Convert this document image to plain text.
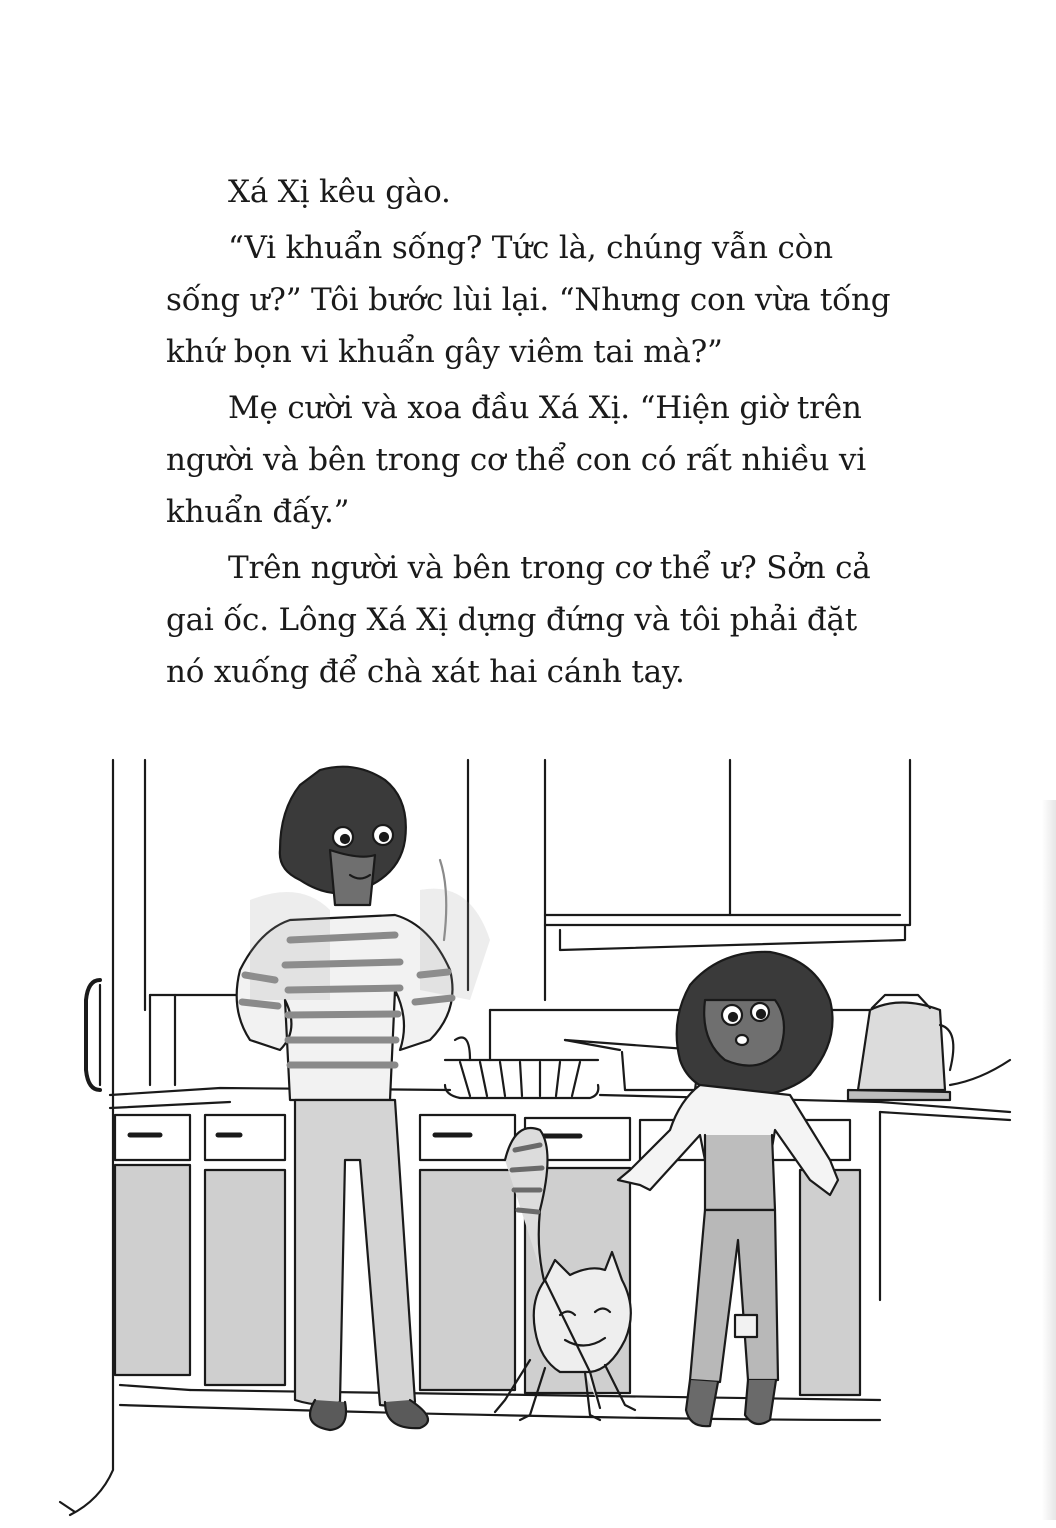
Xá Xị kêu gào.

“Vi khuẩn sống? Tức là, chúng vẫn còn sống ư?” Tôi bước lùi lại. “Nhưng con vừa tống khứ bọn vi khuẩn gây viêm tai mà?”

Mẹ cười và xoa đầu Xá Xị. “Hiện giờ trên người và bên trong cơ thể con có rất nhiều vi khuẩn đấy.”

Trên người và bên trong cơ thể ư? Sởn cả gai ốc. Lông Xá Xị dựng đứng và tôi phải đặt nó xuống để chà xát hai cánh tay.
